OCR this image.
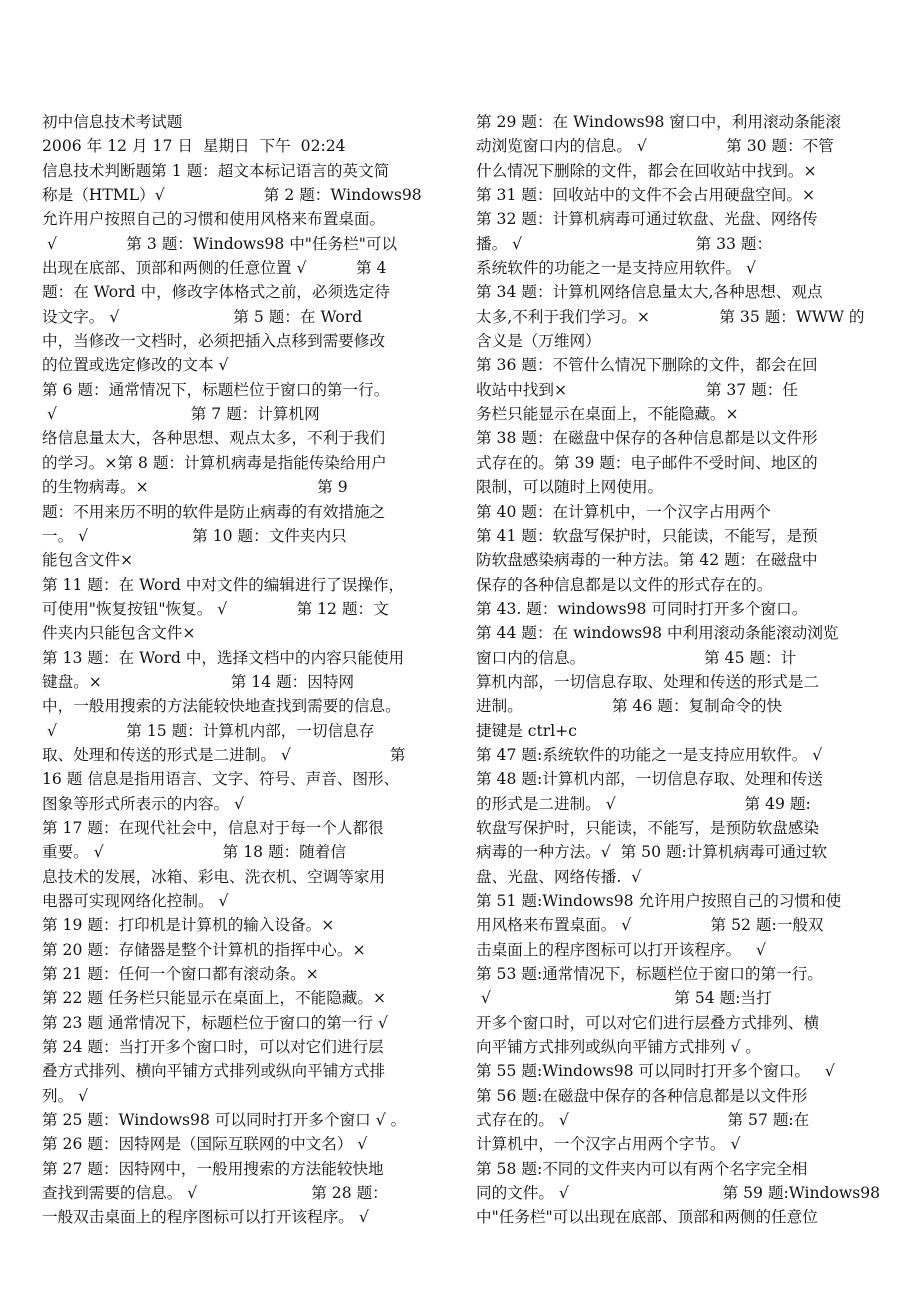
初中信息技术考试题
2006 年 12 月 17 日  星期日  下午  02:24
信息技术判断题第 1 题：超文本标记语言的英文简
称是（HTML）√                    第 2 题：Windows98
允许用户按照自己的习惯和使用风格来布置桌面。
√              第 3 题：Windows98 中"任务栏"可以
出现在底部、顶部和两侧的任意位置 √          第 4
题：在 Word 中，修改字体格式之前，必须选定待
设文字。 √                       第 5 题：在 Word
中，当修改一文档时，必须把插入点移到需要修改
的位置或选定修改的文本 √
第 6 题：通常情况下，标题栏位于窗口的第一行。
√                           第 7 题：计算机网
络信息量太大，各种思想、观点太多，不利于我们
的学习。×第 8 题：计算机病毒是指能传染给用户
的生物病毒。×                                  第 9
题：不用来历不明的软件是防止病毒的有效措施之
一。 √                     第 10 题：文件夹内只
能包含文件×
第 11 题：在 Word 中对文件的编辑进行了误操作，
可使用"恢复按钮"恢复。 √              第 12 题：文
件夹内只能包含文件×
第 13 题：在 Word 中，选择文档中的内容只能使用
键盘。×                          第 14 题：因特网
中，一般用搜索的方法能较快地查找到需要的信息。
√              第 15 题：计算机内部，一切信息存
取、处理和传送的形式是二进制。 √                    第
16 题 信息是指用语言、文字、符号、声音、图形、
图象等形式所表示的内容。 √
第 17 题：在现代社会中，信息对于每一个人都很
重要。 √                        第 18 题：随着信
息技术的发展，冰箱、彩电、洗衣机、空调等家用
电器可实现网络化控制。 √
第 19 题：打印机是计算机的输入设备。×
第 20 题：存储器是整个计算机的指挥中心。×
第 21 题：任何一个窗口都有滚动条。×
第 22 题 任务栏只能显示在桌面上，不能隐藏。×
第 23 题 通常情况下，标题栏位于窗口的第一行 √
第 24 题：当打开多个窗口时，可以对它们进行层
叠方式排列、横向平铺方式排列或纵向平铺方式排
列。 √
第 25 题：Windows98 可以同时打开多个窗口 √ 。
第 26 题：因特网是（国际互联网的中文名） √
第 27 题：因特网中，一般用搜索的方法能较快地
查找到需要的信息。 √                       第 28 题：
一般双击桌面上的程序图标可以打开该程序。 √
第 29 题：在 Windows98 窗口中，利用滚动条能滚
动浏览窗口内的信息。 √                第 30 题：不管
什么情况下删除的文件，都会在回收站中找到。×
第 31 题：回收站中的文件不会占用硬盘空间。×
第 32 题：计算机病毒可通过软盘、光盘、网络传
播。 √                                   第 33 题：
系统软件的功能之一是支持应用软件。 √
第 34 题：计算机网络信息量太大,各种思想、观点
太多,不利于我们学习。×              第 35 题：WWW 的
含义是（万维网）
第 36 题：不管什么情况下删除的文件，都会在回
收站中找到×                            第 37 题：任
务栏只能显示在桌面上，不能隐藏。×
第 38 题：在磁盘中保存的各种信息都是以文件形
式存在的。第 39 题：电子邮件不受时间、地区的
限制，可以随时上网使用。
第 40 题：在计算机中，一个汉字占用两个
第 41 题：软盘写保护时，只能读，不能写，是预
防软盘感染病毒的一种方法。第 42 题：在磁盘中
保存的各种信息都是以文件的形式存在的。
第 43. 题：windows98 可同时打开多个窗口。
第 44 题：在 windows98 中利用滚动条能滚动浏览
窗口内的信息。                        第 45 题：计
算机内部，一切信息存取、处理和传送的形式是二
进制。                  第 46 题：复制命令的快
捷键是 ctrl+c
第 47 题:系统软件的功能之一是支持应用软件。 √
第 48 题:计算机内部，一切信息存取、处理和传送
的形式是二进制。 √                          第 49 题:
软盘写保护时，只能读，不能写，是预防软盘感染
病毒的一种方法。√  第 50 题:计算机病毒可通过软
盘、光盘、网络传播.  √
第 51 题:Windows98 允许用户按照自己的习惯和使
用风格来布置桌面。 √                第 52 题:一般双
击桌面上的程序图标可以打开该程序。   √
第 53 题:通常情况下，标题栏位于窗口的第一行。
√                                     第 54 题:当打
开多个窗口时，可以对它们进行层叠方式排列、横
向平铺方式排列或纵向平铺方式排列 √ 。
第 55 题:Windows98 可以同时打开多个窗口。   √
第 56 题:在磁盘中保存的各种信息都是以文件形
式存在的。 √                                第 57 题:在
计算机中，一个汉字占用两个字节。 √
第 58 题:不同的文件夹内可以有两个名字完全相
同的文件。 √                               第 59 题:Windows98
中"任务栏"可以出现在底部、顶部和两侧的任意位
